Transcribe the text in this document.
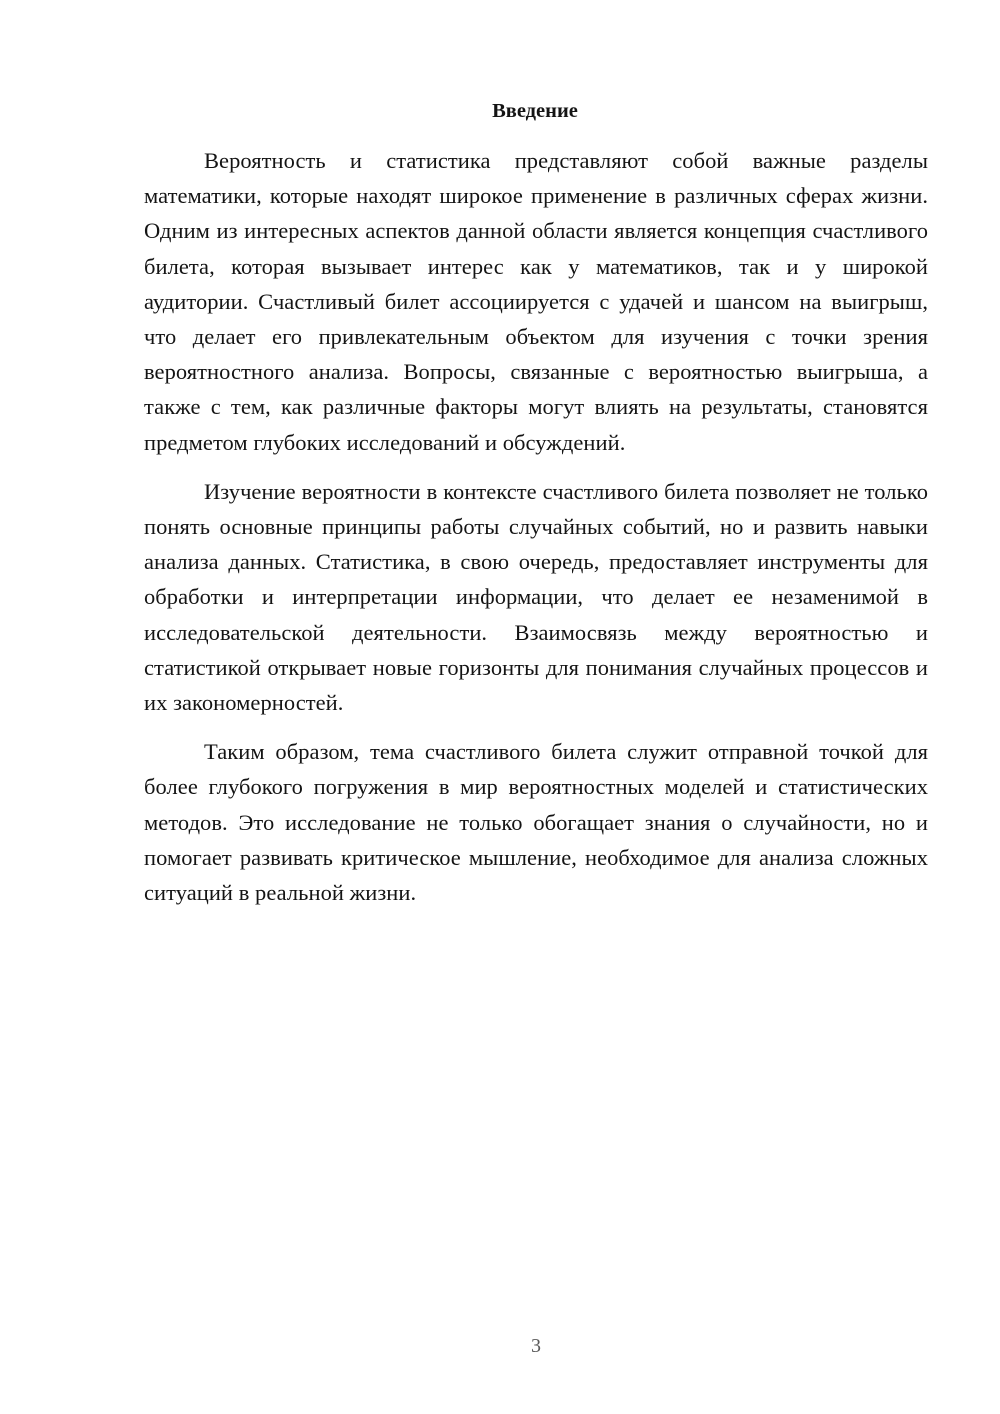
Введение

Вероятность и статистика представляют собой важные разделы математики, которые находят широкое применение в различных сферах жизни. Одним из интересных аспектов данной области является концепция счастливого билета, которая вызывает интерес как у математиков, так и у широкой аудитории. Счастливый билет ассоциируется с удачей и шансом на выигрыш, что делает его привлекательным объектом для изучения с точки зрения вероятностного анализа. Вопросы, связанные с вероятностью выигрыша, а также с тем, как различные факторы могут влиять на результаты, становятся предметом глубоких исследований и обсуждений.

Изучение вероятности в контексте счастливого билета позволяет не только понять основные принципы работы случайных событий, но и развить навыки анализа данных. Статистика, в свою очередь, предоставляет инструменты для обработки и интерпретации информации, что делает ее незаменимой в исследовательской деятельности. Взаимосвязь между вероятностью и статистикой открывает новые горизонты для понимания случайных процессов и их закономерностей.

Таким образом, тема счастливого билета служит отправной точкой для более глубокого погружения в мир вероятностных моделей и статистических методов. Это исследование не только обогащает знания о случайности, но и помогает развивать критическое мышление, необходимое для анализа сложных ситуаций в реальной жизни.

3
